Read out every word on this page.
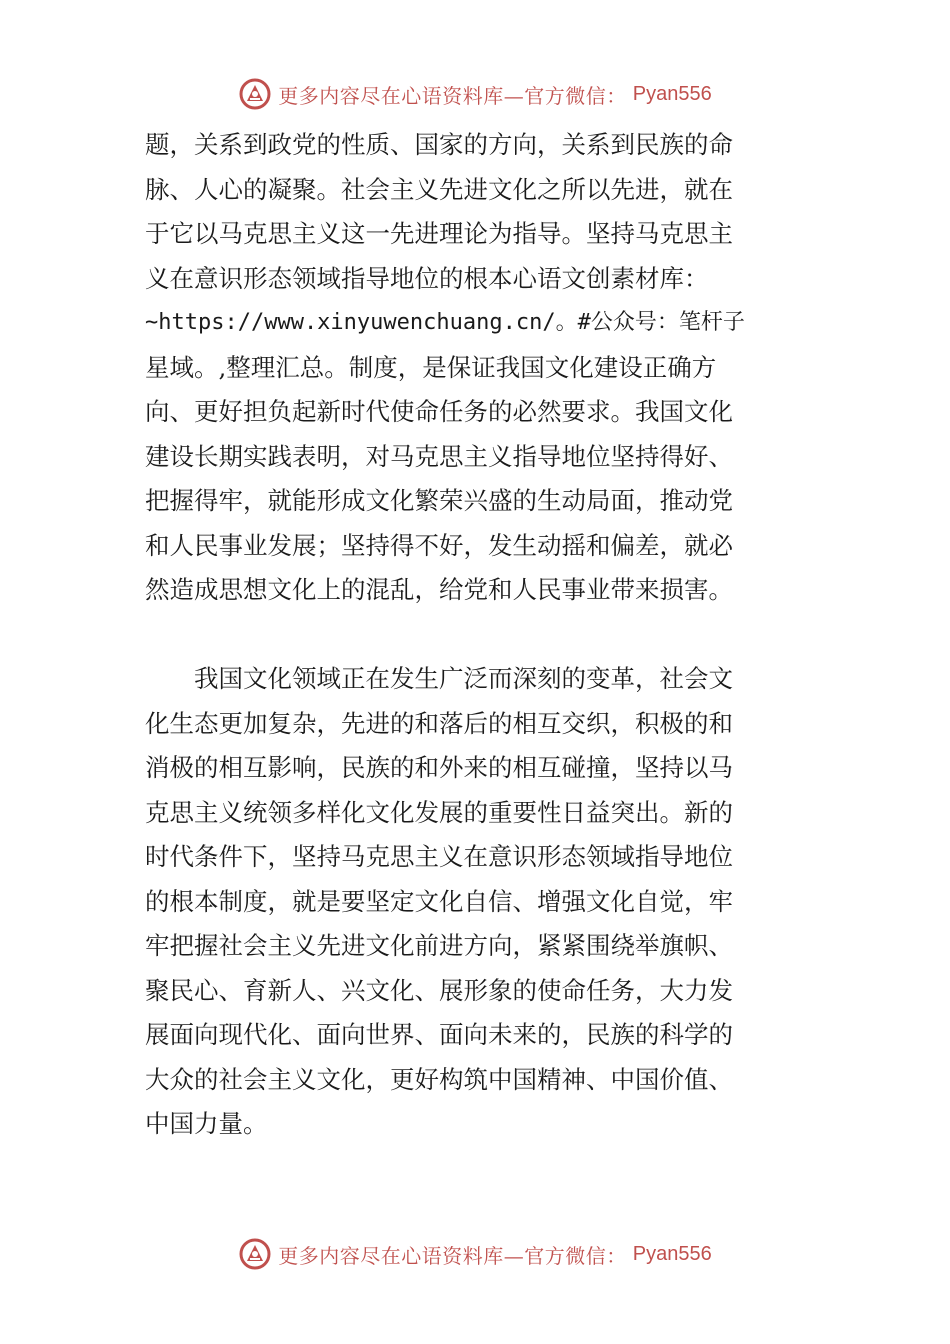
更多内容尽在心语资料库—官方微信： Pyan556
题，关系到政党的性质、国家的方向，关系到民族的命
脉、人心的凝聚。社会主义先进文化之所以先进，就在
于它以马克思主义这一先进理论为指导。坚持马克思主
义在意识形态领域指导地位的根本心语文创素材库：
~https://www.xinyuwenchuang.cn/。#公众号：笔杆子
星域。,整理汇总。制度，是保证我国文化建设正确方
向、更好担负起新时代使命任务的必然要求。我国文化
建设长期实践表明，对马克思主义指导地位坚持得好、
把握得牢，就能形成文化繁荣兴盛的生动局面，推动党
和人民事业发展；坚持得不好，发生动摇和偏差，就必
然造成思想文化上的混乱，给党和人民事业带来损害。
　　我国文化领域正在发生广泛而深刻的变革，社会文
化生态更加复杂，先进的和落后的相互交织，积极的和
消极的相互影响，民族的和外来的相互碰撞，坚持以马
克思主义统领多样化文化发展的重要性日益突出。新的
时代条件下，坚持马克思主义在意识形态领域指导地位
的根本制度，就是要坚定文化自信、增强文化自觉，牢
牢把握社会主义先进文化前进方向，紧紧围绕举旗帜、
聚民心、育新人、兴文化、展形象的使命任务，大力发
展面向现代化、面向世界、面向未来的，民族的科学的
大众的社会主义文化，更好构筑中国精神、中国价值、
中国力量。
更多内容尽在心语资料库—官方微信： Pyan556
